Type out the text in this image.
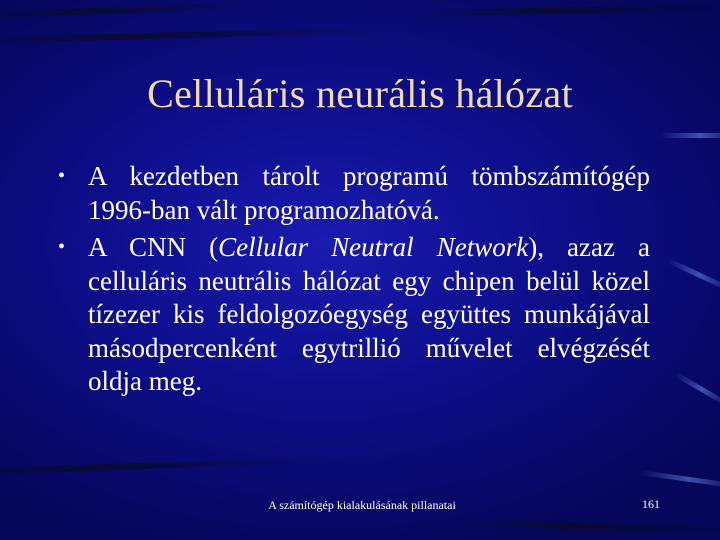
Celluláris neurális hálózat
• A kezdetben tárolt programú tömbszámítógép 1996-ban vált programozhatóvá.
• A CNN (Cellular Neutral Network), azaz a celluláris neutrális hálózat egy chipen belül közel tízezer kis feldolgozóegység együttes munkájával másodpercenként egytrillió művelet elvégzését oldja meg.
A számítógép kialakulásának pillanatai	161
